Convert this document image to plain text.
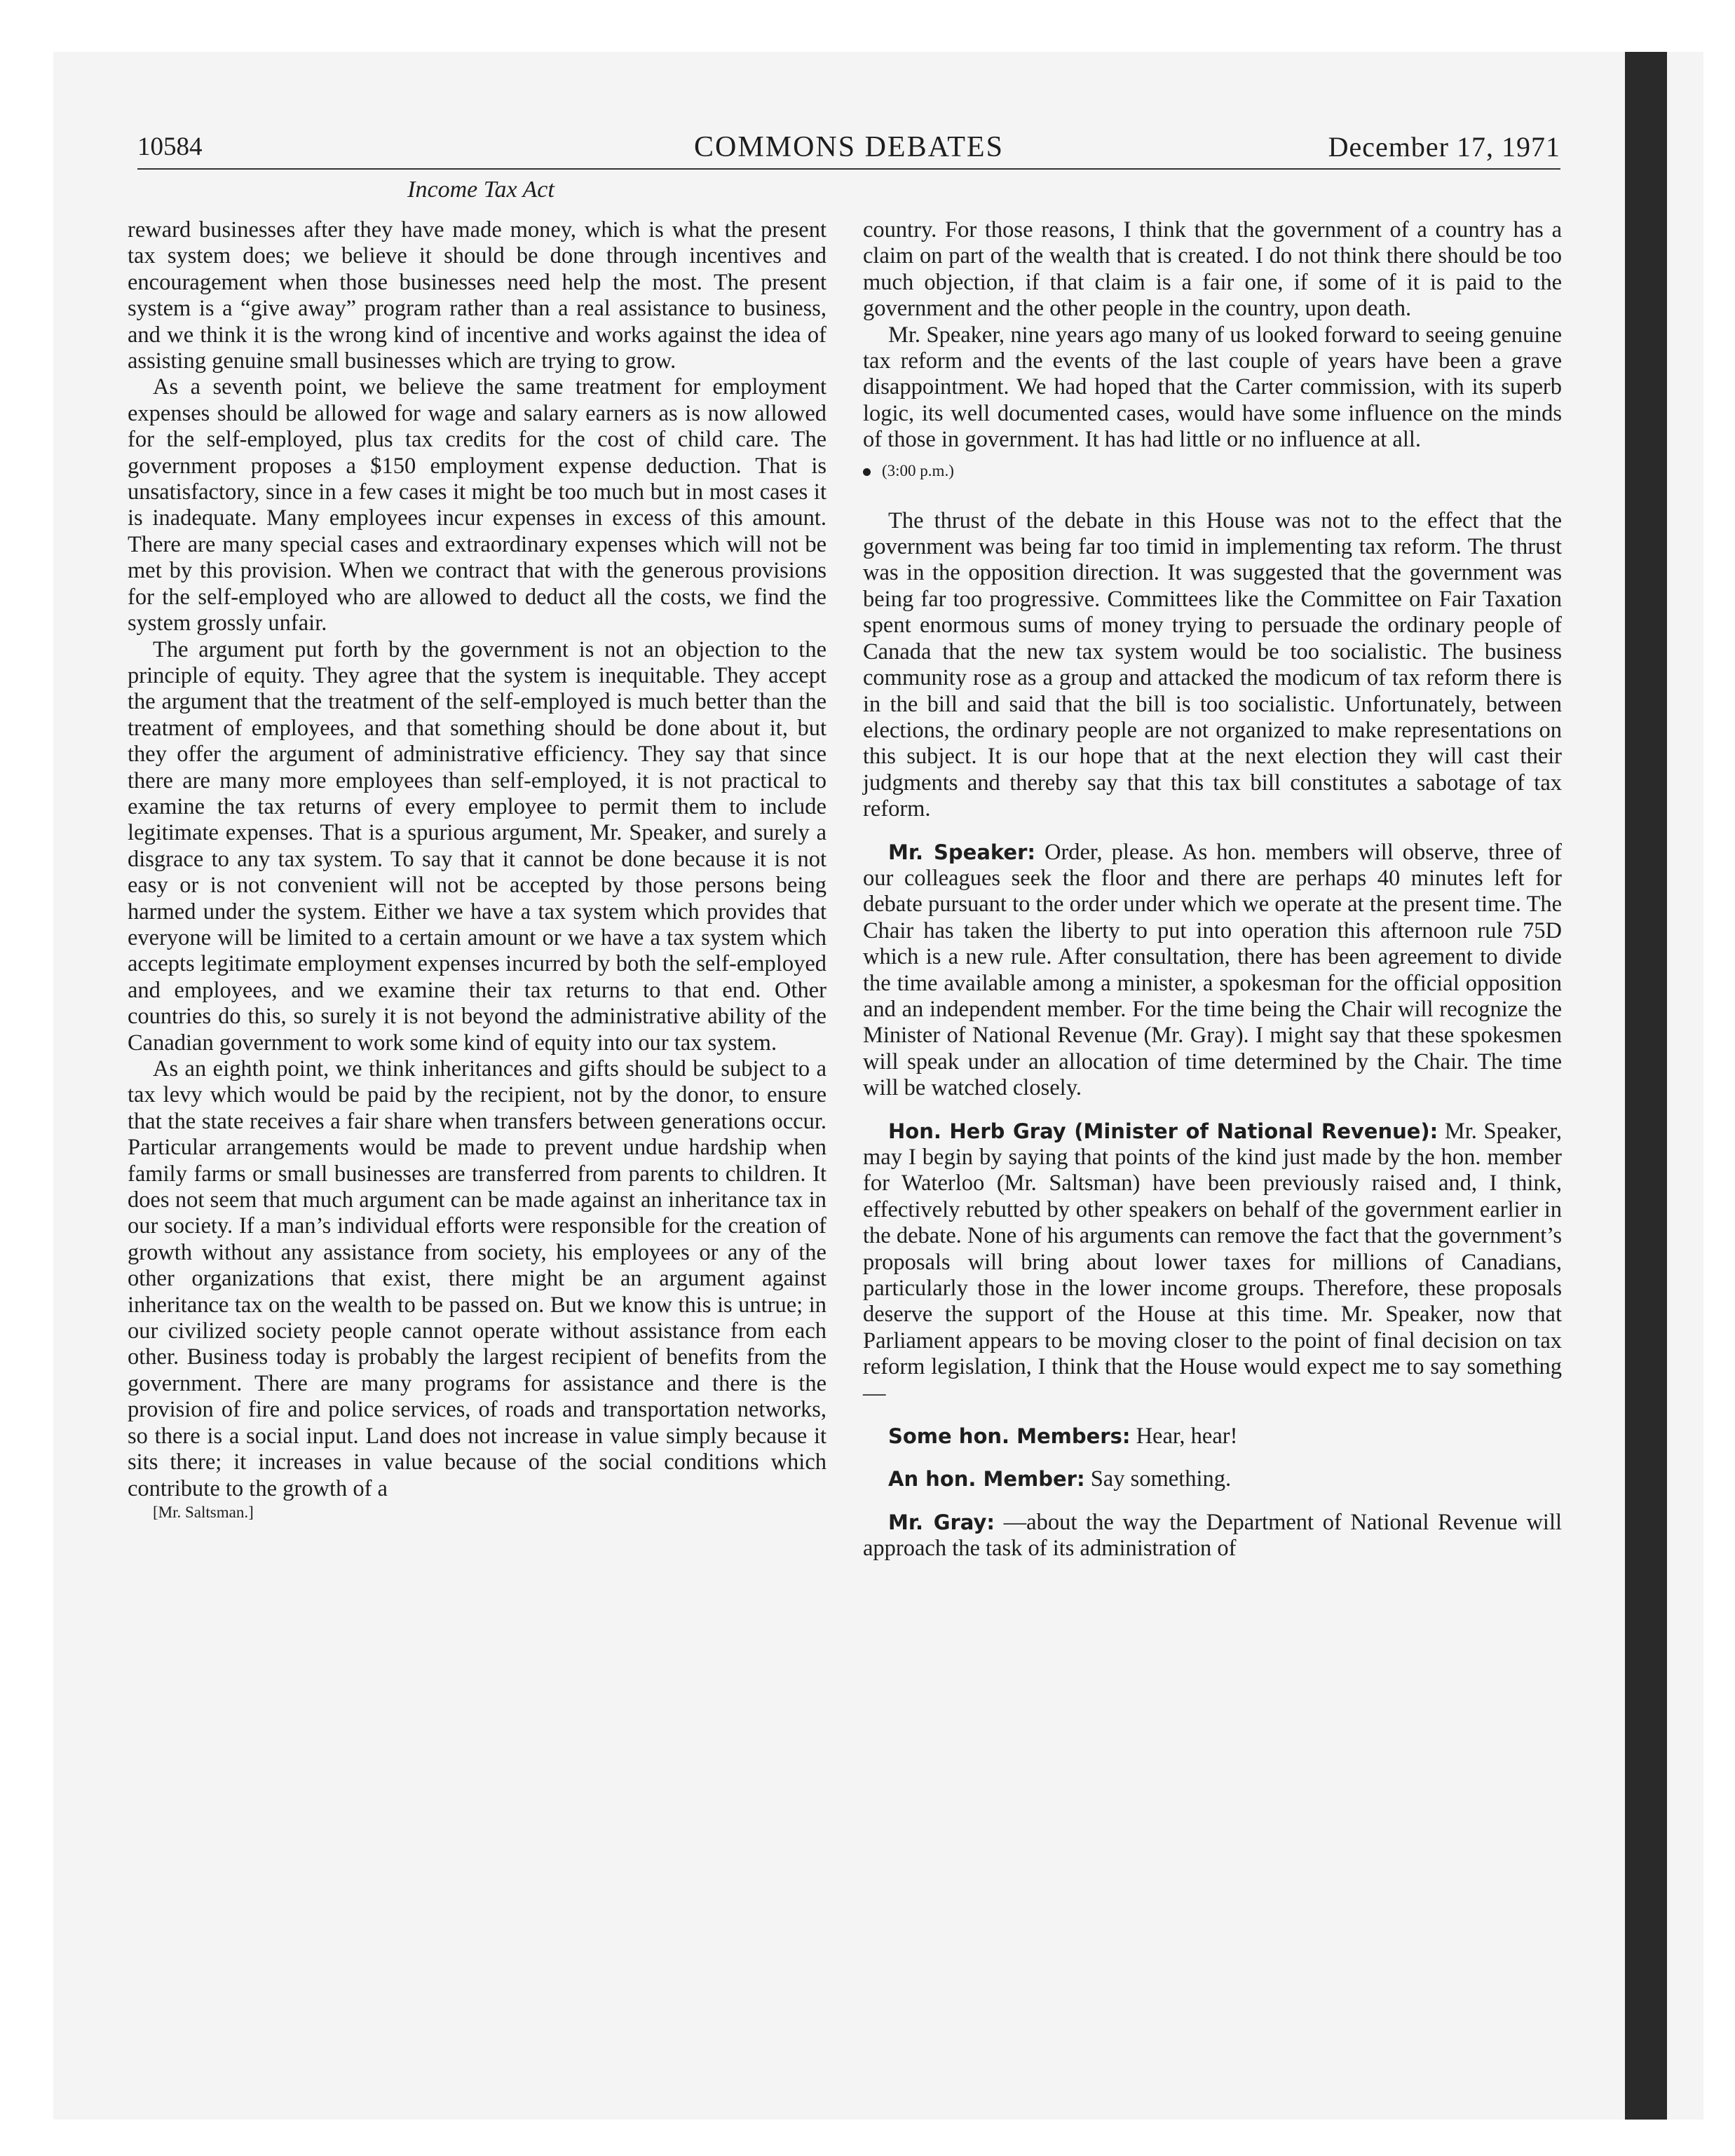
10584	COMMONS DEBATES	December 17, 1971
Income Tax Act

reward businesses after they have made money, which is what the present tax system does; we believe it should be done through incentives and encouragement when those businesses need help the most. The present system is a “give away” program rather than a real assistance to business, and we think it is the wrong kind of incentive and works against the idea of assisting genuine small businesses which are trying to grow.

As a seventh point, we believe the same treatment for employment expenses should be allowed for wage and salary earners as is now allowed for the self-employed, plus tax credits for the cost of child care. The government proposes a $150 employment expense deduction. That is unsatisfactory, since in a few cases it might be too much but in most cases it is inadequate. Many employees incur expenses in excess of this amount. There are many special cases and extraordinary expenses which will not be met by this provision. When we contract that with the generous provisions for the self-employed who are allowed to deduct all the costs, we find the system grossly unfair.

The argument put forth by the government is not an objection to the principle of equity. They agree that the system is inequitable. They accept the argument that the treatment of the self-employed is much better than the treatment of employees, and that something should be done about it, but they offer the argument of administrative efficiency. They say that since there are many more employees than self-employed, it is not practical to examine the tax returns of every employee to permit them to include legitimate expenses. That is a spurious argument, Mr. Speaker, and surely a disgrace to any tax system. To say that it cannot be done because it is not easy or is not convenient will not be accepted by those persons being harmed under the system. Either we have a tax system which provides that everyone will be limited to a certain amount or we have a tax system which accepts legitimate employment expenses incurred by both the self-employed and employees, and we examine their tax returns to that end. Other countries do this, so surely it is not beyond the administrative ability of the Canadian government to work some kind of equity into our tax system.

As an eighth point, we think inheritances and gifts should be subject to a tax levy which would be paid by the recipient, not by the donor, to ensure that the state receives a fair share when transfers between generations occur. Particular arrangements would be made to prevent undue hardship when family farms or small businesses are transferred from parents to children. It does not seem that much argument can be made against an inheritance tax in our society. If a man’s individual efforts were responsible for the creation of growth without any assistance from society, his employees or any of the other organizations that exist, there might be an argument against inheritance tax on the wealth to be passed on. But we know this is untrue; in our civilized society people cannot operate without assistance from each other. Business today is probably the largest recipient of benefits from the government. There are many programs for assistance and there is the provision of fire and police services, of roads and transportation networks, so there is a social input. Land does not increase in value simply because it sits there; it increases in value because of the social conditions which contribute to the growth of a

[Mr. Saltsman.]

country. For those reasons, I think that the government of a country has a claim on part of the wealth that is created. I do not think there should be too much objection, if that claim is a fair one, if some of it is paid to the government and the other people in the country, upon death.

Mr. Speaker, nine years ago many of us looked forward to seeing genuine tax reform and the events of the last couple of years have been a grave disappointment. We had hoped that the Carter commission, with its superb logic, its well documented cases, would have some influence on the minds of those in government. It has had little or no influence at all.

(3:00 p.m.)

The thrust of the debate in this House was not to the effect that the government was being far too timid in implementing tax reform. The thrust was in the opposition direction. It was suggested that the government was being far too progressive. Committees like the Committee on Fair Taxation spent enormous sums of money trying to persuade the ordinary people of Canada that the new tax system would be too socialistic. The business community rose as a group and attacked the modicum of tax reform there is in the bill and said that the bill is too socialistic. Unfortunately, between elections, the ordinary people are not organized to make representations on this subject. It is our hope that at the next election they will cast their judgments and thereby say that this tax bill constitutes a sabotage of tax reform.

Mr. Speaker: Order, please. As hon. members will observe, three of our colleagues seek the floor and there are perhaps 40 minutes left for debate pursuant to the order under which we operate at the present time. The Chair has taken the liberty to put into operation this afternoon rule 75D which is a new rule. After consultation, there has been agreement to divide the time available among a minister, a spokesman for the official opposition and an independent member. For the time being the Chair will recognize the Minister of National Revenue (Mr. Gray). I might say that these spokesmen will speak under an allocation of time determined by the Chair. The time will be watched closely.

Hon. Herb Gray (Minister of National Revenue): Mr. Speaker, may I begin by saying that points of the kind just made by the hon. member for Waterloo (Mr. Saltsman) have been previously raised and, I think, effectively rebutted by other speakers on behalf of the government earlier in the debate. None of his arguments can remove the fact that the government’s proposals will bring about lower taxes for millions of Canadians, particularly those in the lower income groups. Therefore, these proposals deserve the support of the House at this time. Mr. Speaker, now that Parliament appears to be moving closer to the point of final decision on tax reform legislation, I think that the House would expect me to say something—

Some hon. Members: Hear, hear!

An hon. Member: Say something.

Mr. Gray: —about the way the Department of National Revenue will approach the task of its administration of
